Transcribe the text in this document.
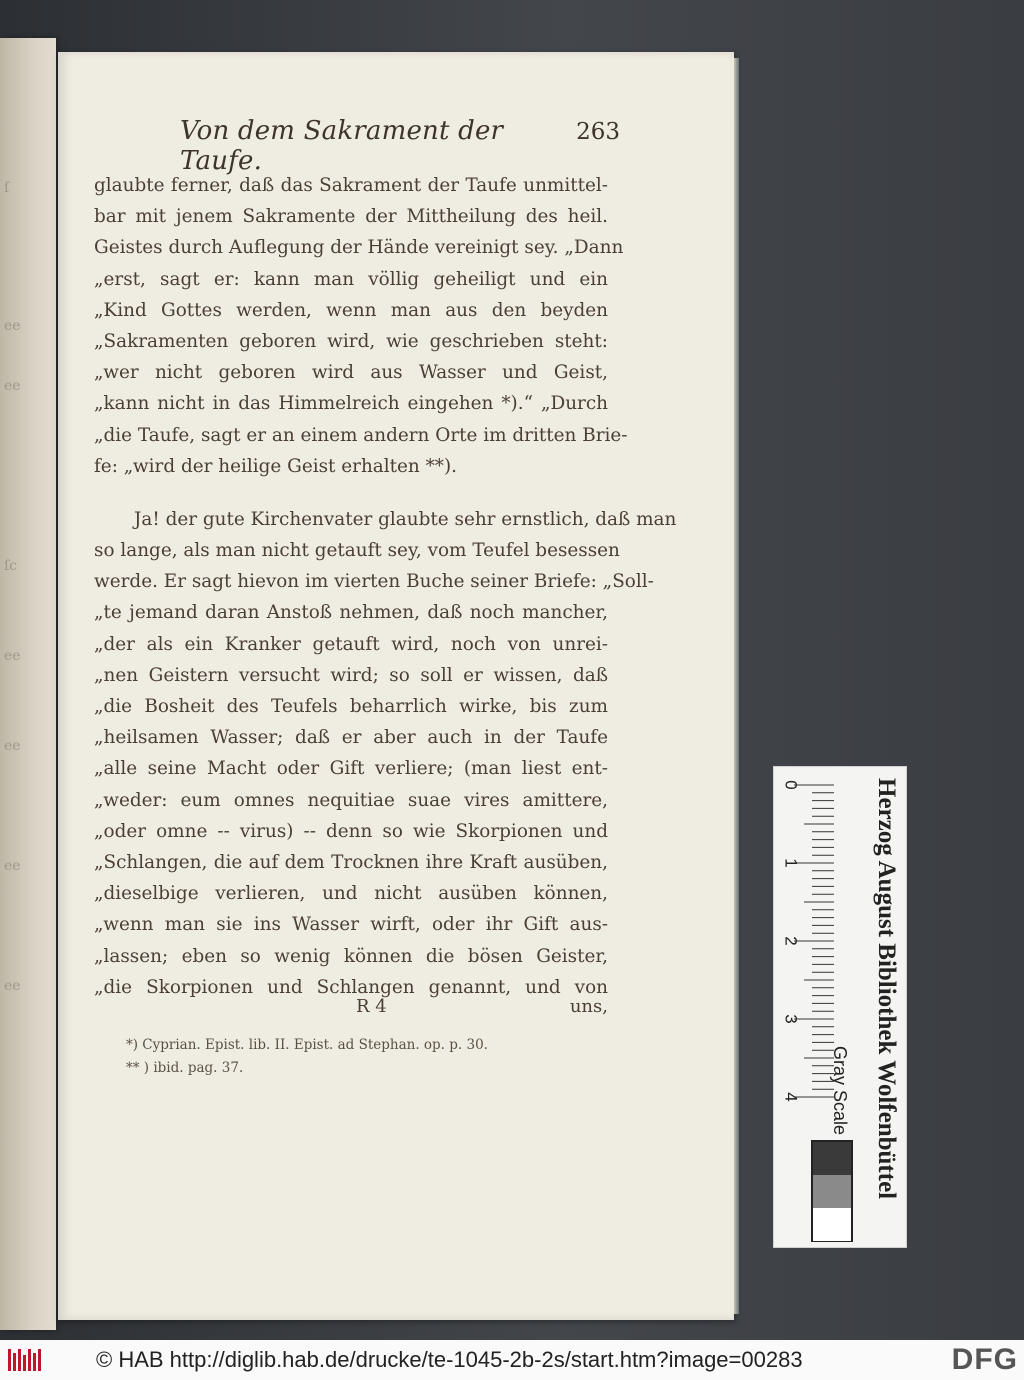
ſ
ee
ee
ſc
ee
ee
ee
ee
Von dem Sakrament der Taufe.
263
glaubte ferner, daß das Sakrament der Taufe unmittel-
bar mit jenem Sakramente der Mittheilung des heil.
Geistes durch Auflegung der Hände vereinigt sey. „Dann
„erst, sagt er: kann man völlig geheiligt und ein
„Kind Gottes werden, wenn man aus den beyden
„Sakramenten geboren wird, wie geschrieben steht:
„wer nicht geboren wird aus Wasser und Geist,
„kann nicht in das Himmelreich eingehen *).“ „Durch
„die Taufe, sagt er an einem andern Orte im dritten Brie-
fe: „wird der heilige Geist erhalten **).
Ja! der gute Kirchenvater glaubte sehr ernstlich, daß man
so lange, als man nicht getauft sey, vom Teufel besessen
werde. Er sagt hievon im vierten Buche seiner Briefe: „Soll-
„te jemand daran Anstoß nehmen, daß noch mancher,
„der als ein Kranker getauft wird, noch von unrei-
„nen Geistern versucht wird; so soll er wissen, daß
„die Bosheit des Teufels beharrlich wirke, bis zum
„heilsamen Wasser; daß er aber auch in der Taufe
„alle seine Macht oder Gift verliere; (man liest ent-
„weder: eum omnes nequitiae suae vires amittere,
„oder omne -- virus) -- denn so wie Skorpionen und
„Schlangen, die auf dem Trocknen ihre Kraft ausüben,
„dieselbige verlieren, und nicht ausüben können,
„wenn man sie ins Wasser wirft, oder ihr Gift aus-
„lassen; eben so wenig können die bösen Geister,
„die Skorpionen und Schlangen genannt, und von
R 4	uns,
*) Cyprian. Epist. lib. II. Epist. ad Stephan. op. p. 30.
** ) ibid. pag. 37.
0
1
2
3
4	Herzog August Bibliothek Wolfenbüttel
Gray Scale
© HAB http://diglib.hab.de/drucke/te-1045-2b-2s/start.htm?image=00283	DFG
